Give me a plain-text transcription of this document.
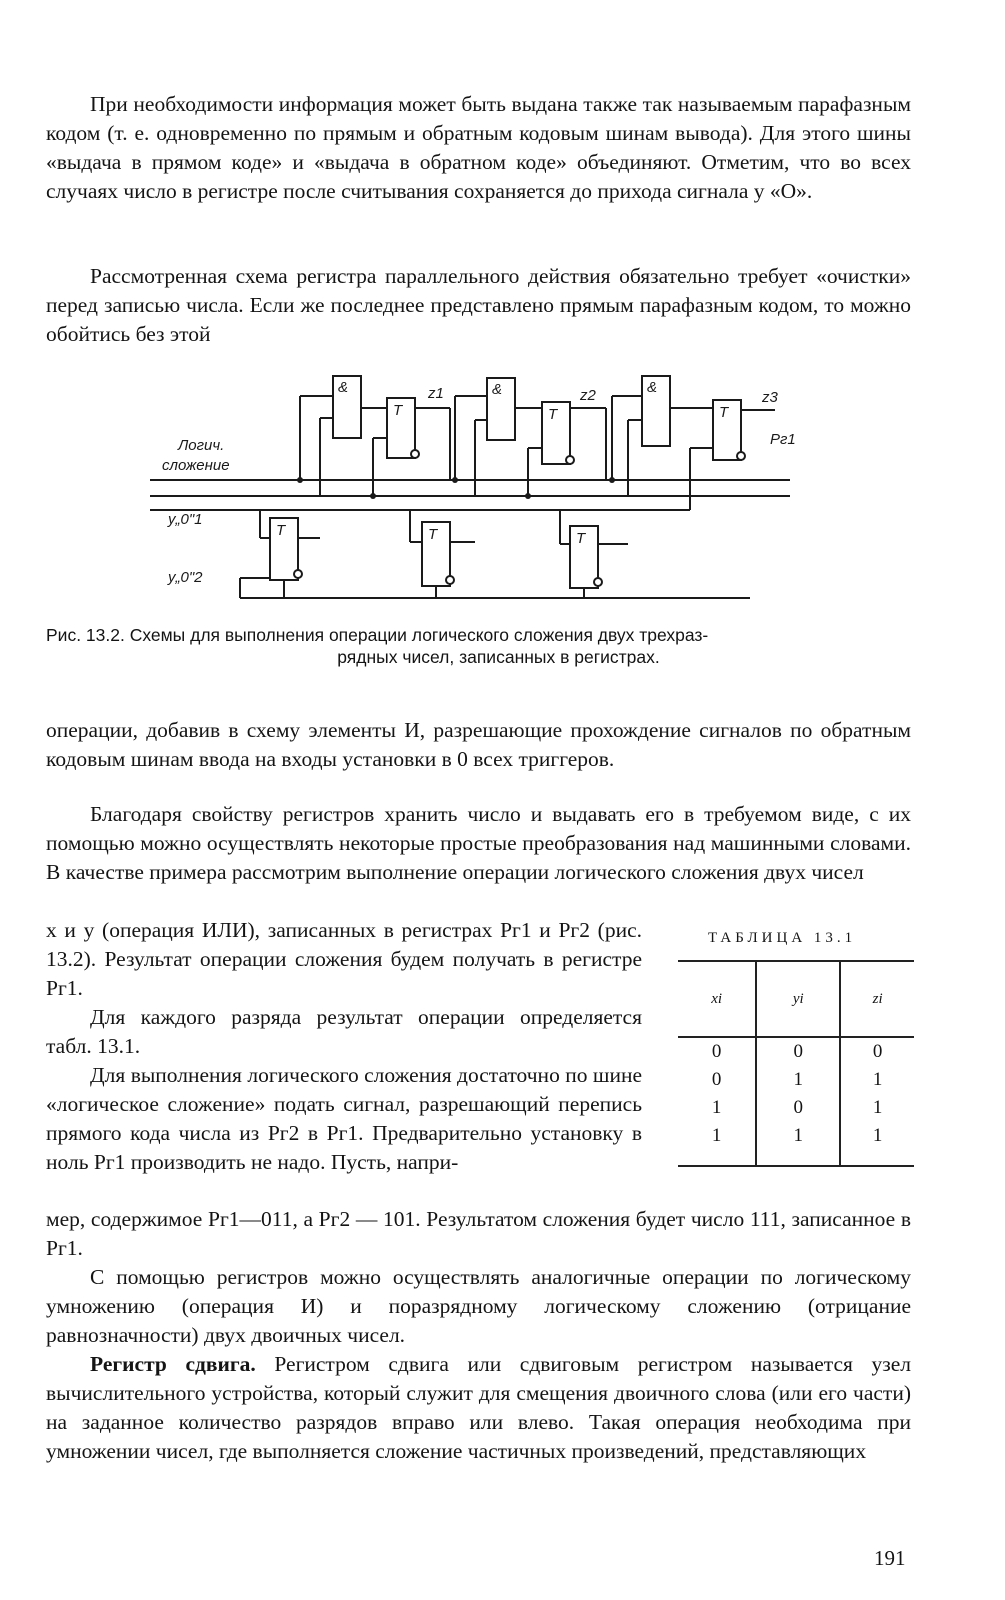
При необходимости информация может быть выдана также так называемым парафазным кодом (т. е. одновременно по прямым и обратным кодовым шинам вывода). Для этого шины «выдача в прямом коде» и «выдача в обратном коде» объединяют. Отметим, что во всех случаях число в регистре после считывания сохраняется до прихода сигнала у «О».

Рассмотренная схема регистра параллельного действия обязательно требует «очистки» перед записью числа. Если же последнее представлено прямым парафазным кодом, то можно обойтись без этой

&	&	&
T	T	T
T	T	T
z1	z2	z3
Рг1
Логич.
сложение
у„0"1
у„0"2

Рис. 13.2. Схемы для выполнения операции логического сложения двух трехраз-
рядных чисел, записанных в регистрах.

операции, добавив в схему элементы И, разрешающие прохождение сигналов по обратным кодовым шинам ввода на входы установки в 0 всех триггеров.

Благодаря свойству регистров хранить число и выдавать его в требуемом виде, с их помощью можно осуществлять некоторые простые преобразования над машинными словами. В качестве примера рассмотрим выполнение операции логического сложения двух чисел

x и y (операция ИЛИ), записанных в регистрах Рг1 и Рг2 (рис. 13.2). Результат операции сложения будем получать в регистре Рг1.

Для каждого разряда результат операции определяется табл. 13.1.

Для выполнения логического сложения достаточно по шине «логическое сложение» подать сигнал, разрешающий перепись прямого кода числа из Рг2 в Рг1. Предварительно установку в ноль Рг1 производить не надо. Пусть, напри-

мер, содержимое Рг1—011, а Рг2 — 101. Результатом сложения будет число 111, записанное в Рг1.

С помощью регистров можно осуществлять аналогичные операции по логическому умножению (операция И) и поразрядному логическому сложению (отрицание равнозначности) двух двоичных чисел.

Регистр сдвига. Регистром сдвига или сдвиговым регистром называется узел вычислительного устройства, который служит для смещения двоичного слова (или его части) на заданное количество разрядов вправо или влево. Такая операция необходима при умножении чисел, где выполняется сложение частичных произведений, представляющих

ТАБЛИЦА 13.1
xi	yi	zi
0	0	0
0	1	1
1	0	1
1	1	1
191
